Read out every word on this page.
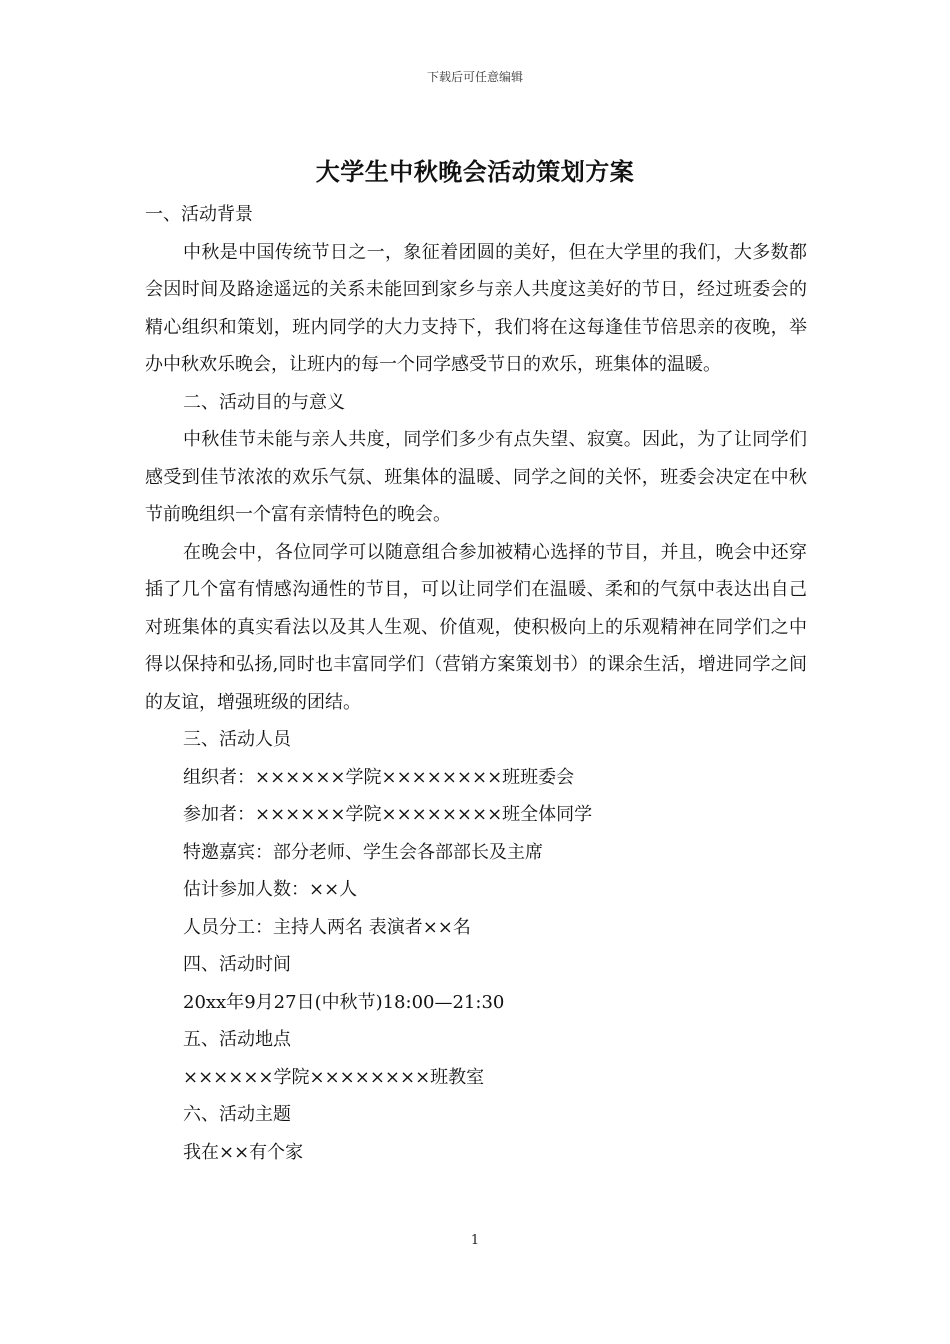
下载后可任意编辑
大学生中秋晚会活动策划方案

一、活动背景

中秋是中国传统节日之一，象征着团圆的美好，但在大学里的我们，大多数都会因时间及路途遥远的关系未能回到家乡与亲人共度这美好的节日，经过班委会的精心组织和策划，班内同学的大力支持下，我们将在这每逢佳节倍思亲的夜晚，举办中秋欢乐晚会，让班内的每一个同学感受节日的欢乐，班集体的温暖。

二、活动目的与意义

中秋佳节未能与亲人共度，同学们多少有点失望、寂寞。因此，为了让同学们感受到佳节浓浓的欢乐气氛、班集体的温暖、同学之间的关怀，班委会决定在中秋节前晚组织一个富有亲情特色的晚会。

在晚会中，各位同学可以随意组合参加被精心选择的节目，并且，晚会中还穿插了几个富有情感沟通性的节目，可以让同学们在温暖、柔和的气氛中表达出自己对班集体的真实看法以及其人生观、价值观，使积极向上的乐观精神在同学们之中得以保持和弘扬,同时也丰富同学们（营销方案策划书）的课余生活，增进同学之间的友谊，增强班级的团结。

三、活动人员

组织者：××××××学院××××××××班班委会

参加者：××××××学院××××××××班全体同学

特邀嘉宾：部分老师、学生会各部部长及主席

估计参加人数：××人

人员分工：主持人两名 表演者××名

四、活动时间

20xx年9月27日(中秋节)18:00—21:30

五、活动地点

××××××学院××××××××班教室

六、活动主题

我在××有个家

1
